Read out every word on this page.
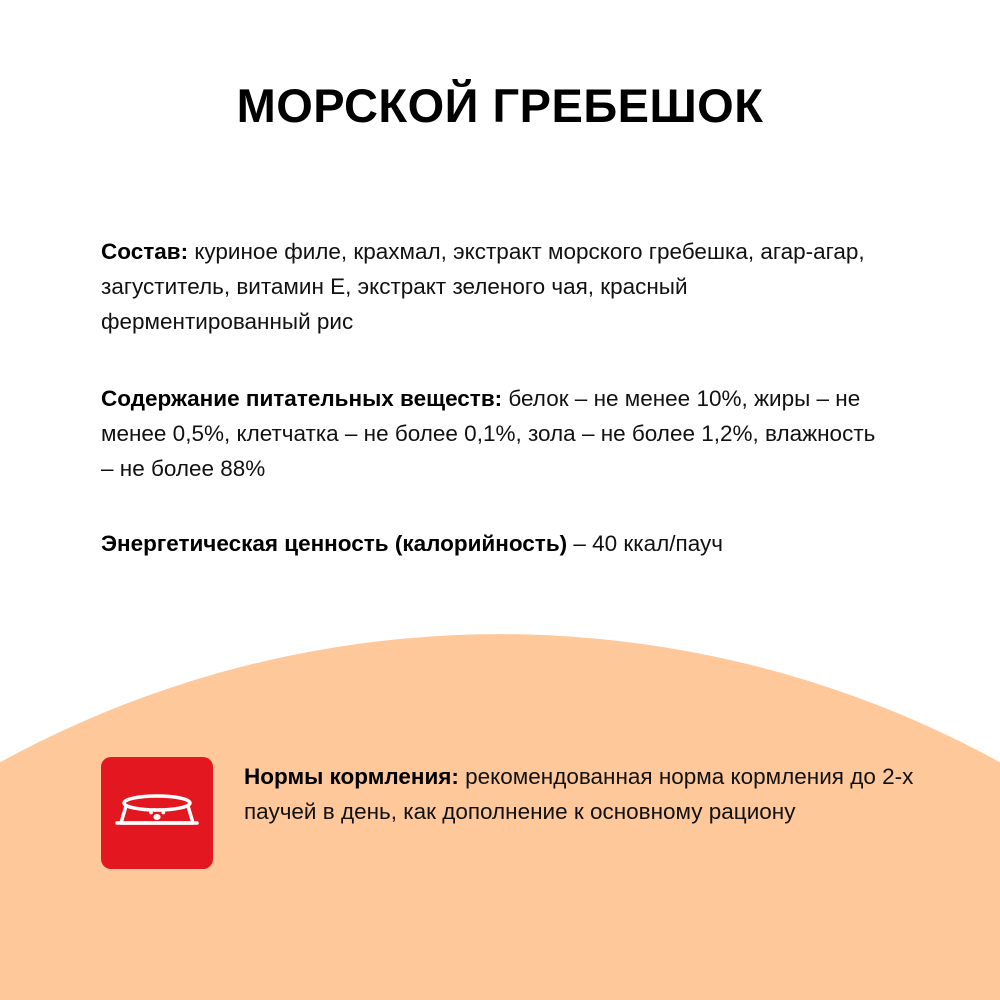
МОРСКОЙ ГРЕБЕШОК

Состав: куриное филе, крахмал, экстракт морского гребешка, агар-агар, загуститель, витамин Е, экстракт зеленого чая, красный ферментированный рис

Содержание питательных веществ: белок – не менее 10%, жиры – не менее 0,5%, клетчатка – не более 0,1%, зола – не более 1,2%, влажность – не более 88%

Энергетическая ценность (калорийность) – 40 ккал/пауч

Нормы кормления: рекомендованная норма кормления до 2-х паучей в день, как дополнение к основному рациону
